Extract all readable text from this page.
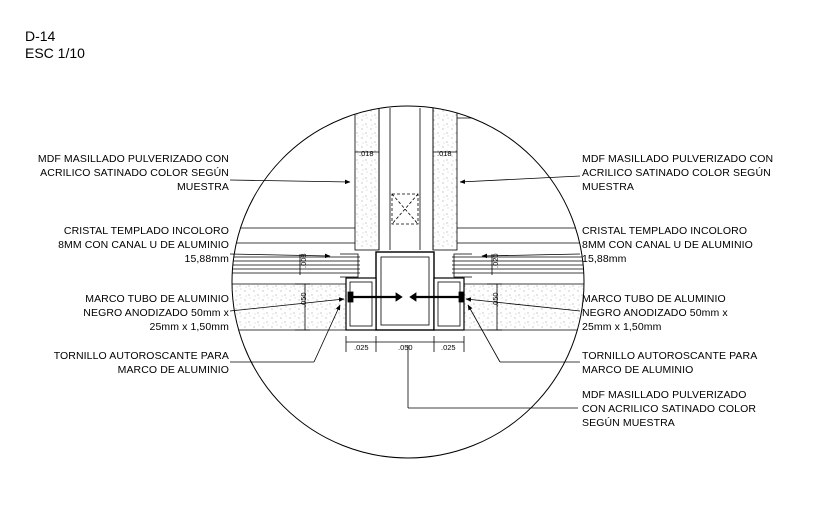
D-14
ESC 1/10
.018	.018
.008	.020
.050	.050
.025	.050	.025
MDF MASILLADO PULVERIZADO CON
ACRILICO SATINADO COLOR SEGÚN
MUESTRA
MDF MASILLADO PULVERIZADO CON
ACRILICO SATINADO COLOR SEGÚN
MUESTRA
CRISTAL TEMPLADO INCOLORO
8MM CON CANAL U DE ALUMINIO
15,88mm
CRISTAL TEMPLADO INCOLORO
8MM CON CANAL U DE ALUMINIO
15,88mm
MARCO TUBO DE ALUMINIO
NEGRO ANODIZADO 50mm x
25mm x 1,50mm
MARCO TUBO DE ALUMINIO
NEGRO ANODIZADO 50mm x
25mm x 1,50mm
TORNILLO AUTOROSCANTE PARA
MARCO DE ALUMINIO
TORNILLO AUTOROSCANTE PARA
MARCO DE ALUMINIO
MDF MASILLADO PULVERIZADO
CON ACRILICO SATINADO COLOR
SEGÚN MUESTRA
